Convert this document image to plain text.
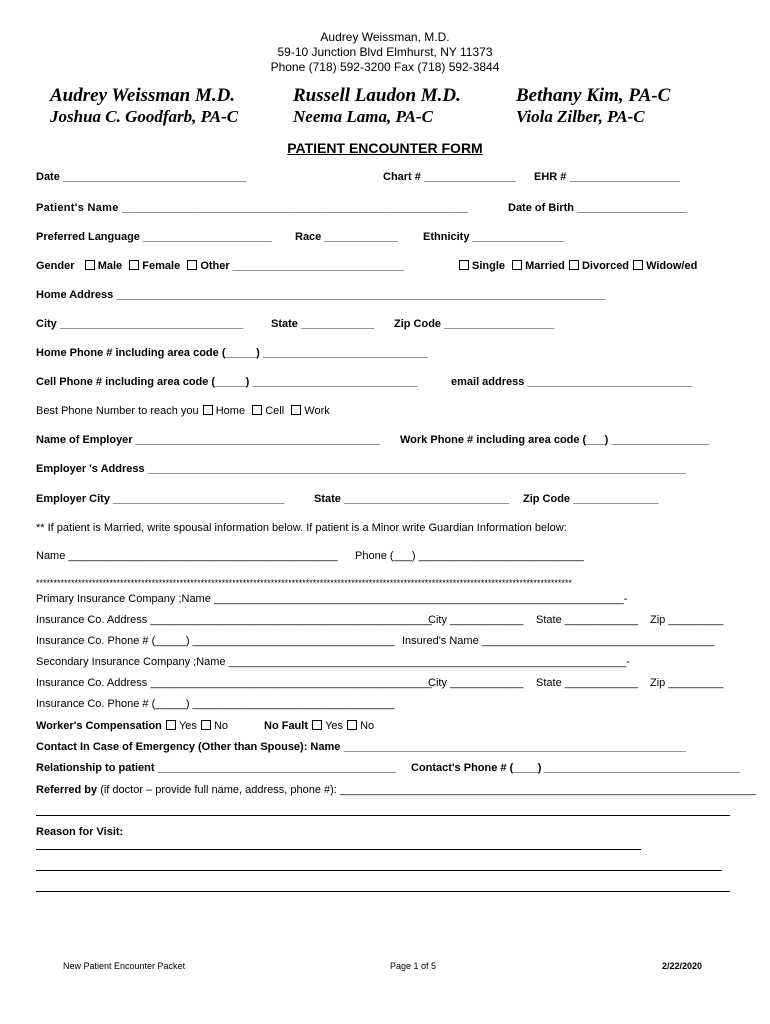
Audrey Weissman, M.D.
59-10 Junction Blvd Elmhurst, NY 11373
Phone (718) 592-3200 Fax (718) 592-3844
Audrey Weissman M.D.
Joshua C. Goodfarb, PA-C
Russell Laudon M.D.
Neema Lama, PA-C
Bethany Kim, PA-C
Viola Zilber, PA-C
PATIENT ENCOUNTER FORM
Date ______________________________	Chart # _______________ EHR # __________________
Patient's Name ______________________________________________________	Date of Birth __________________
Preferred Language _____________________ Race ____________ Ethnicity _______________
Gender Male Female Other ____________________________	Single Married Divorced Widow/ed
Home Address ________________________________________________________________________________
City ______________________________	State ____________ Zip Code __________________
Home Phone # including area code (_____) ___________________________
Cell Phone # including area code (_____) ___________________________	email address ___________________________
Best Phone Number to reach you Home Cell Work
Name of Employer ________________________________________ Work Phone # including area code (___) ________________
Employer 's Address ________________________________________________________________________________________
Employer City ____________________________	State ___________________________ Zip Code ______________
** If patient is Married, write spousal information below. If patient is a Minor write Guardian Information below:
Name ____________________________________________ Phone (___) ___________________________
*********************************************************************************************************************************************************
Primary Insurance Company ;Name ___________________________________________________________________-
Insurance Co. Address ______________________________________________
City ____________ State ____________ Zip _________
Insurance Co. Phone # (_____) _________________________________ Insured's Name ______________________________________
Secondary Insurance Company ;Name _________________________________________________________________-
Insurance Co. Address ______________________________________________
City ____________ State ____________ Zip _________
Insurance Co. Phone # (_____) _________________________________
Worker's Compensation Yes No	No Fault Yes No
Contact In Case of Emergency (Other than Spouse): Name ________________________________________________________
Relationship to patient _______________________________________ Contact's Phone # (____) ________________________________
Referred by (if doctor – provide full name, address, phone #): ____________________________________________________________________
Reason for Visit:
New Patient Encounter Packet	Page 1 of 5	2/22/2020
